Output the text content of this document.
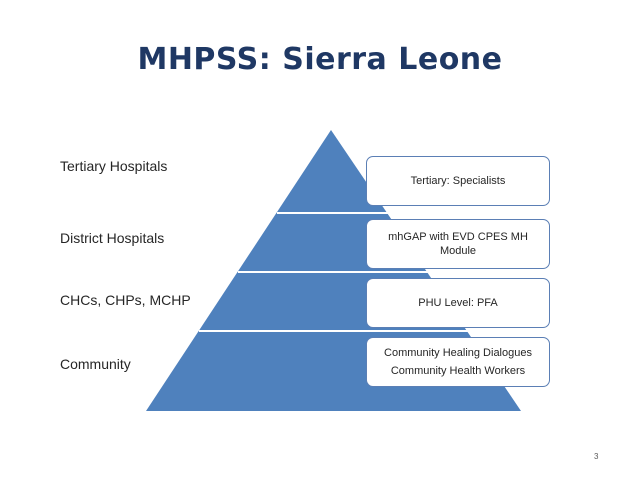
MHPSS: Sierra Leone
Tertiary Hospitals
District Hospitals
CHCs, CHPs, MCHP
Community
Tertiary: Specialists
mhGAP with EVD CPES MH
Module
PHU Level: PFA
Community Healing Dialogues
Community Health Workers
3
